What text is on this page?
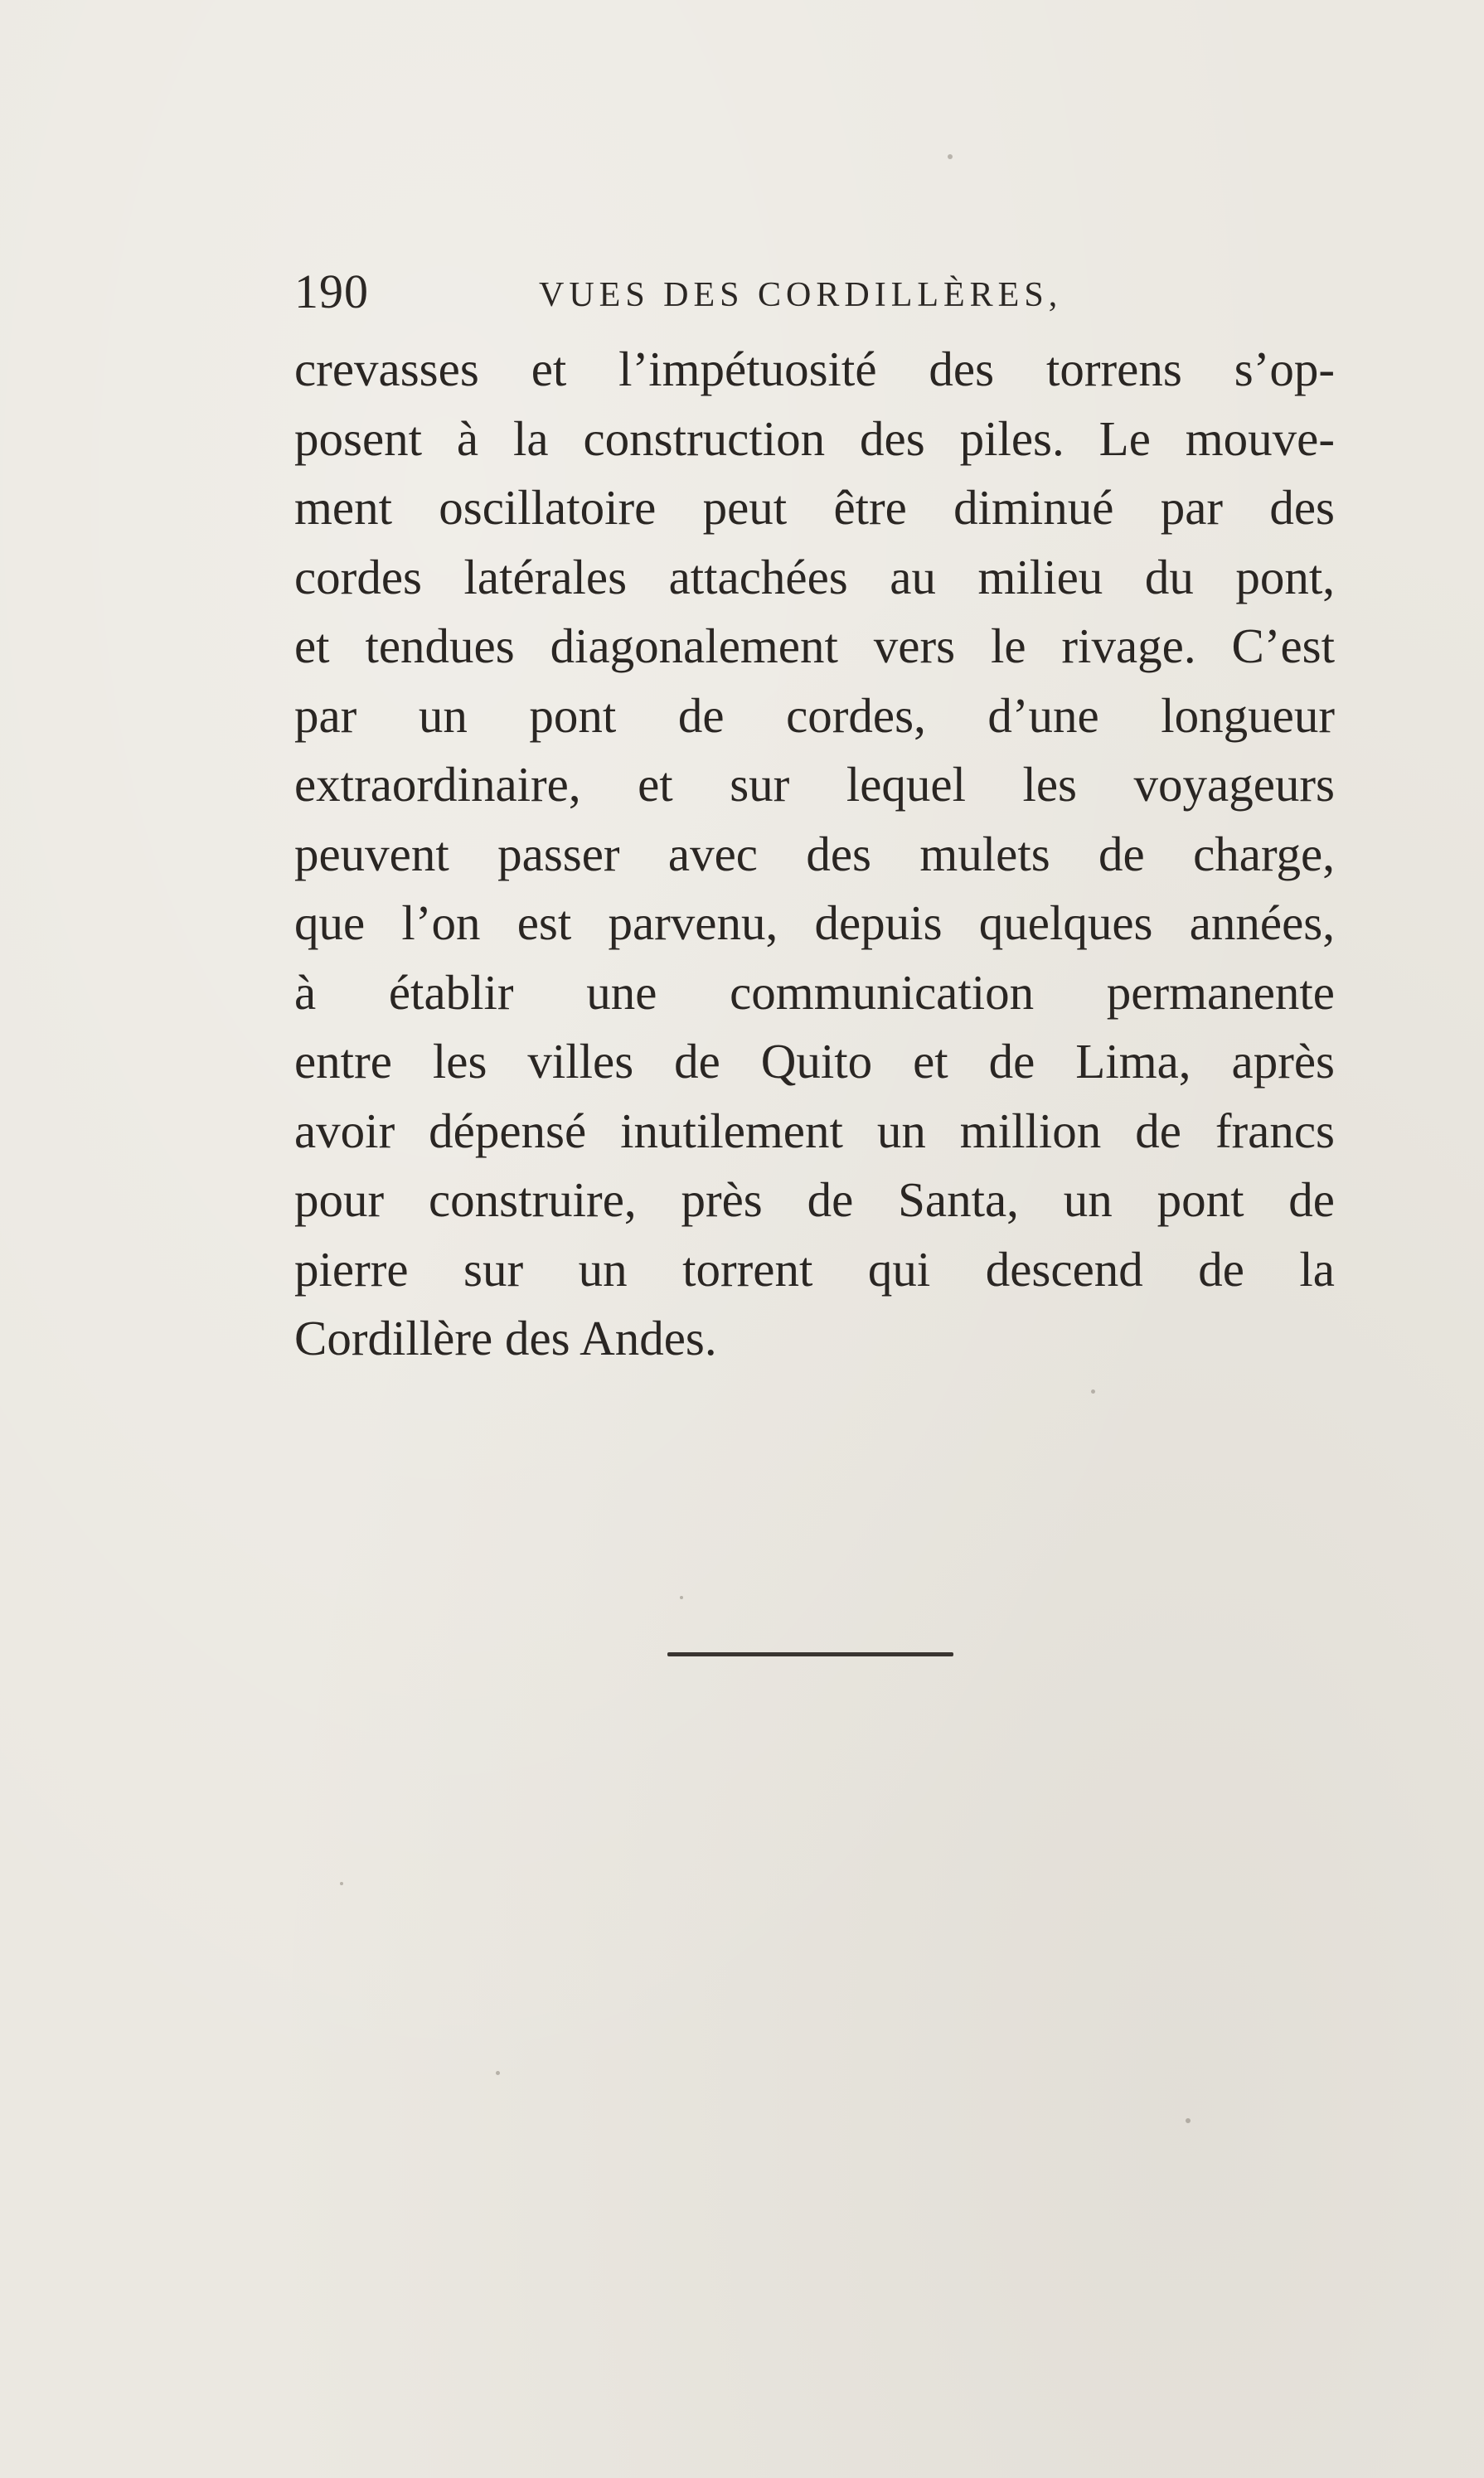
190	VUES DES CORDILLÈRES,
crevasses et l’impétuosité des torrens s’op-
posent à la construction des piles. Le mouve-
ment oscillatoire peut être diminué par des
cordes latérales attachées au milieu du pont,
et tendues diagonalement vers le rivage. C’est
par un pont de cordes, d’une longueur
extraordinaire, et sur lequel les voyageurs
peuvent passer avec des mulets de charge,
que l’on est parvenu, depuis quelques années,
à établir une communication permanente
entre les villes de Quito et de Lima, après
avoir dépensé inutilement un million de francs
pour construire, près de Santa, un pont de
pierre sur un torrent qui descend de la
Cordillère des Andes.
